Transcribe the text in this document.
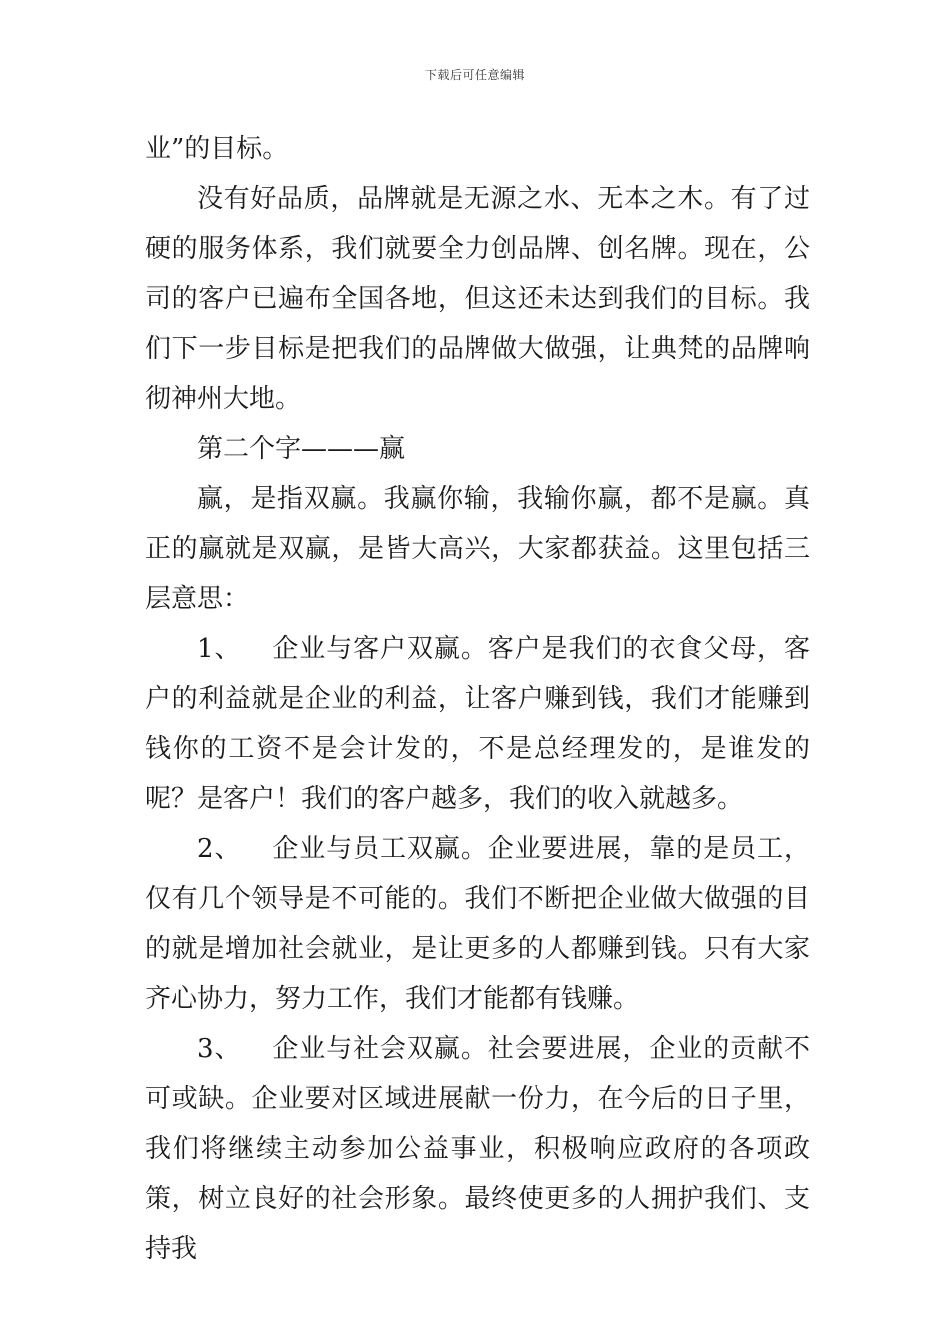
下载后可任意编辑

业”的目标。

没有好品质，品牌就是无源之水、无本之木。有了过硬的服务体系，我们就要全力创品牌、创名牌。现在，公司的客户已遍布全国各地，但这还未达到我们的目标。我们下一步目标是把我们的品牌做大做强，让典梵的品牌响彻神州大地。

第二个字———赢

赢，是指双赢。我赢你输，我输你赢，都不是赢。真正的赢就是双赢，是皆大高兴，大家都获益。这里包括三层意思：

1、 企业与客户双赢。客户是我们的衣食父母，客户的利益就是企业的利益，让客户赚到钱，我们才能赚到钱你的工资不是会计发的，不是总经理发的，是谁发的呢？是客户！我们的客户越多，我们的收入就越多。

2、 企业与员工双赢。企业要进展，靠的是员工，仅有几个领导是不可能的。我们不断把企业做大做强的目的就是增加社会就业，是让更多的人都赚到钱。只有大家齐心协力，努力工作，我们才能都有钱赚。

3、 企业与社会双赢。社会要进展，企业的贡献不可或缺。企业要对区域进展献一份力，在今后的日子里，我们将继续主动参加公益事业，积极响应政府的各项政策，树立良好的社会形象。最终使更多的人拥护我们、支持我
